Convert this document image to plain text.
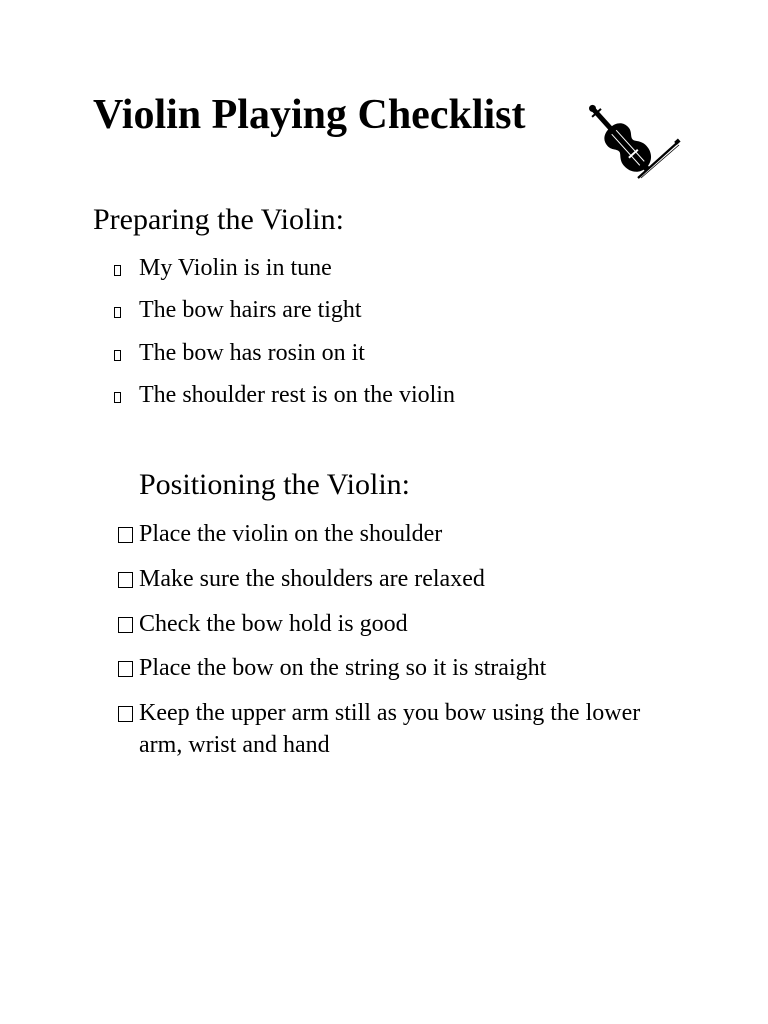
Violin Playing Checklist
Preparing the Violin:
My Violin is in tune
The bow hairs are tight
The bow has rosin on it
The shoulder rest is on the violin
Positioning the Violin:
Place the violin on the shoulder
Make sure the shoulders are relaxed
Check the bow hold is good
Place the bow on the string so it is straight
Keep the upper arm still as you bow using the lower arm, wrist and hand
